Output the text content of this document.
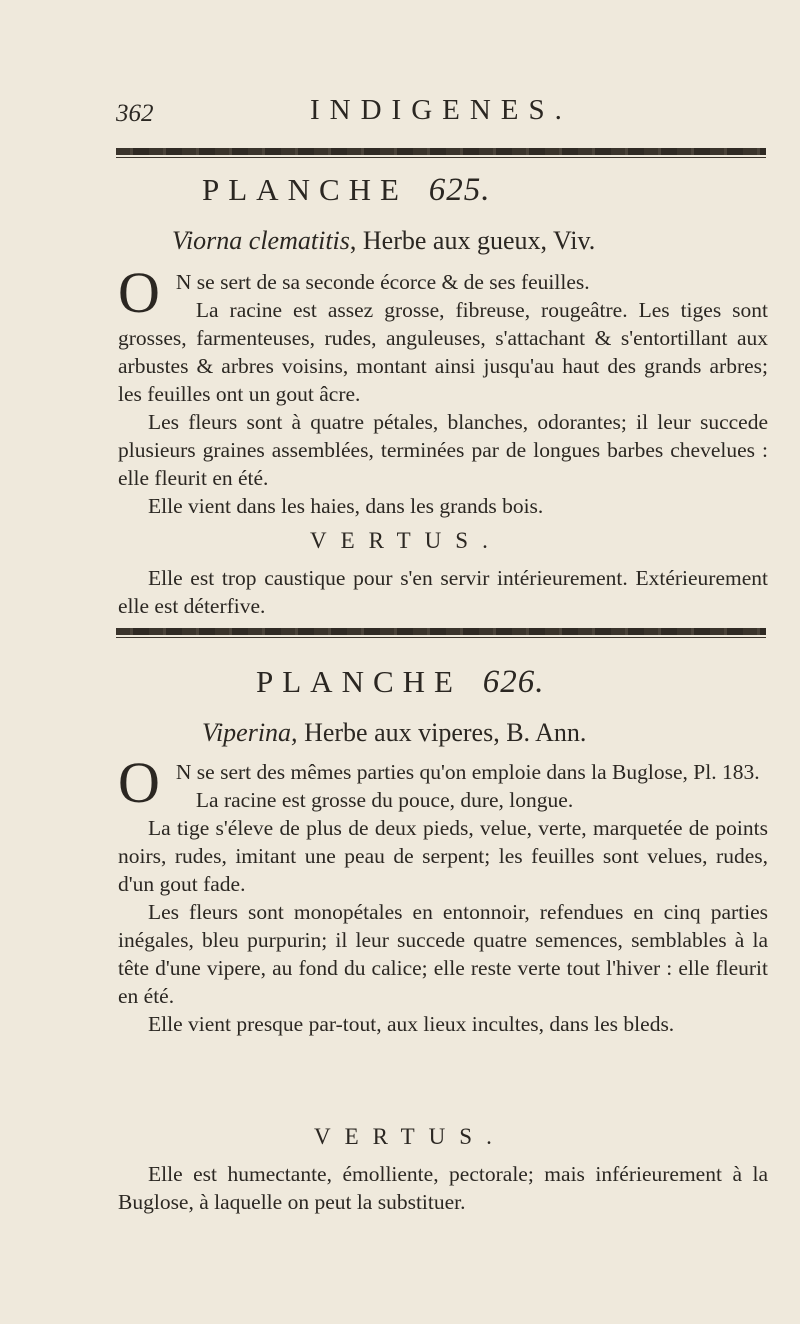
362	INDIGENES.
PLANCHE 625.
Viorna clematitis, Herbe aux gueux, Viv.

O N se sert de sa seconde écorce & de ses feuilles.

La racine est assez grosse, fibreuse, rougeâtre. Les tiges sont grosses, farmenteuses, rudes, anguleuses, s'attachant & s'entortillant aux arbustes & arbres voisins, montant ainsi jusqu'au haut des grands arbres; les feuilles ont un gout âcre.

Les fleurs sont à quatre pétales, blanches, odorantes; il leur succede plusieurs graines assemblées, terminées par de longues barbes chevelues : elle fleurit en été.

Elle vient dans les haies, dans les grands bois.

VERTUS.

Elle est trop caustique pour s'en servir intérieurement. Extérieurement elle est déterfive.

PLANCHE 626.
Viperina, Herbe aux viperes, B. Ann.

O N se sert des mêmes parties qu'on emploie dans la Buglose, Pl. 183.

La racine est grosse du pouce, dure, longue.

La tige s'éleve de plus de deux pieds, velue, verte, marquetée de points noirs, rudes, imitant une peau de serpent; les feuilles sont velues, rudes, d'un gout fade.

Les fleurs sont monopétales en entonnoir, refendues en cinq parties inégales, bleu purpurin; il leur succede quatre semences, semblables à la tête d'une vipere, au fond du calice; elle reste verte tout l'hiver : elle fleurit en été.

Elle vient presque par-tout, aux lieux incultes, dans les bleds.

VERTUS.

Elle est humectante, émolliente, pectorale; mais inférieurement à la Buglose, à laquelle on peut la substituer.
